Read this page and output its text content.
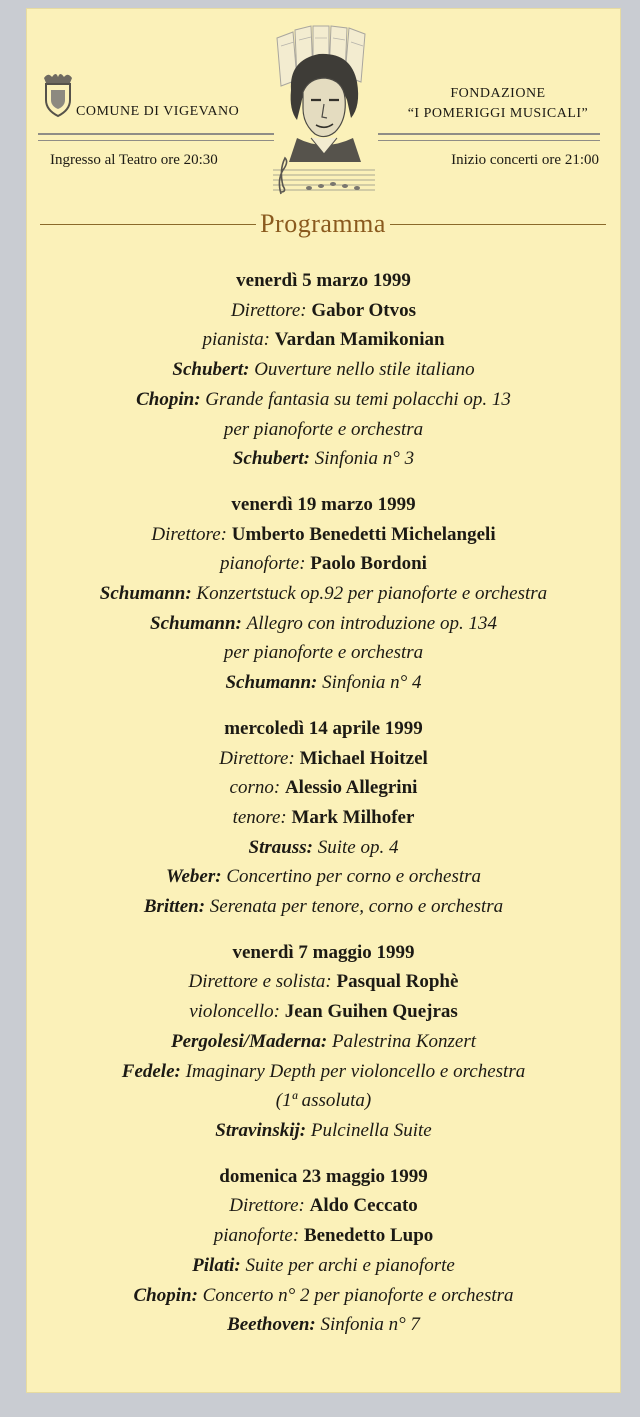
COMUNE DI VIGEVANO
FONDAZIONE
“I POMERIGGI MUSICALI”
Ingresso al Teatro ore 20:30	Inizio concerti ore 21:00
Programma
venerdì 5 marzo 1999
Direttore: Gabor Otvos
pianista: Vardan Mamikonian
Schubert: Ouverture nello stile italiano
Chopin: Grande fantasia su temi polacchi op. 13
per pianoforte e orchestra
Schubert: Sinfonia n° 3
venerdì 19 marzo 1999
Direttore: Umberto Benedetti Michelangeli
pianoforte: Paolo Bordoni
Schumann: Konzertstuck op.92 per pianoforte e orchestra
Schumann: Allegro con introduzione op. 134
per pianoforte e orchestra
Schumann: Sinfonia n° 4
mercoledì 14 aprile 1999
Direttore: Michael Hoitzel
corno: Alessio Allegrini
tenore: Mark Milhofer
Strauss: Suite op. 4
Weber: Concertino per corno e orchestra
Britten: Serenata per tenore, corno e orchestra
venerdì 7 maggio 1999
Direttore e solista: Pasqual Rophè
violoncello: Jean Guihen Quejras
Pergolesi/Maderna: Palestrina Konzert
Fedele: Imaginary Depth per violoncello e orchestra
(1ª assoluta)
Stravinskij: Pulcinella Suite
domenica 23 maggio 1999
Direttore: Aldo Ceccato
pianoforte: Benedetto Lupo
Pilati: Suite per archi e pianoforte
Chopin: Concerto n° 2 per pianoforte e orchestra
Beethoven: Sinfonia n° 7
